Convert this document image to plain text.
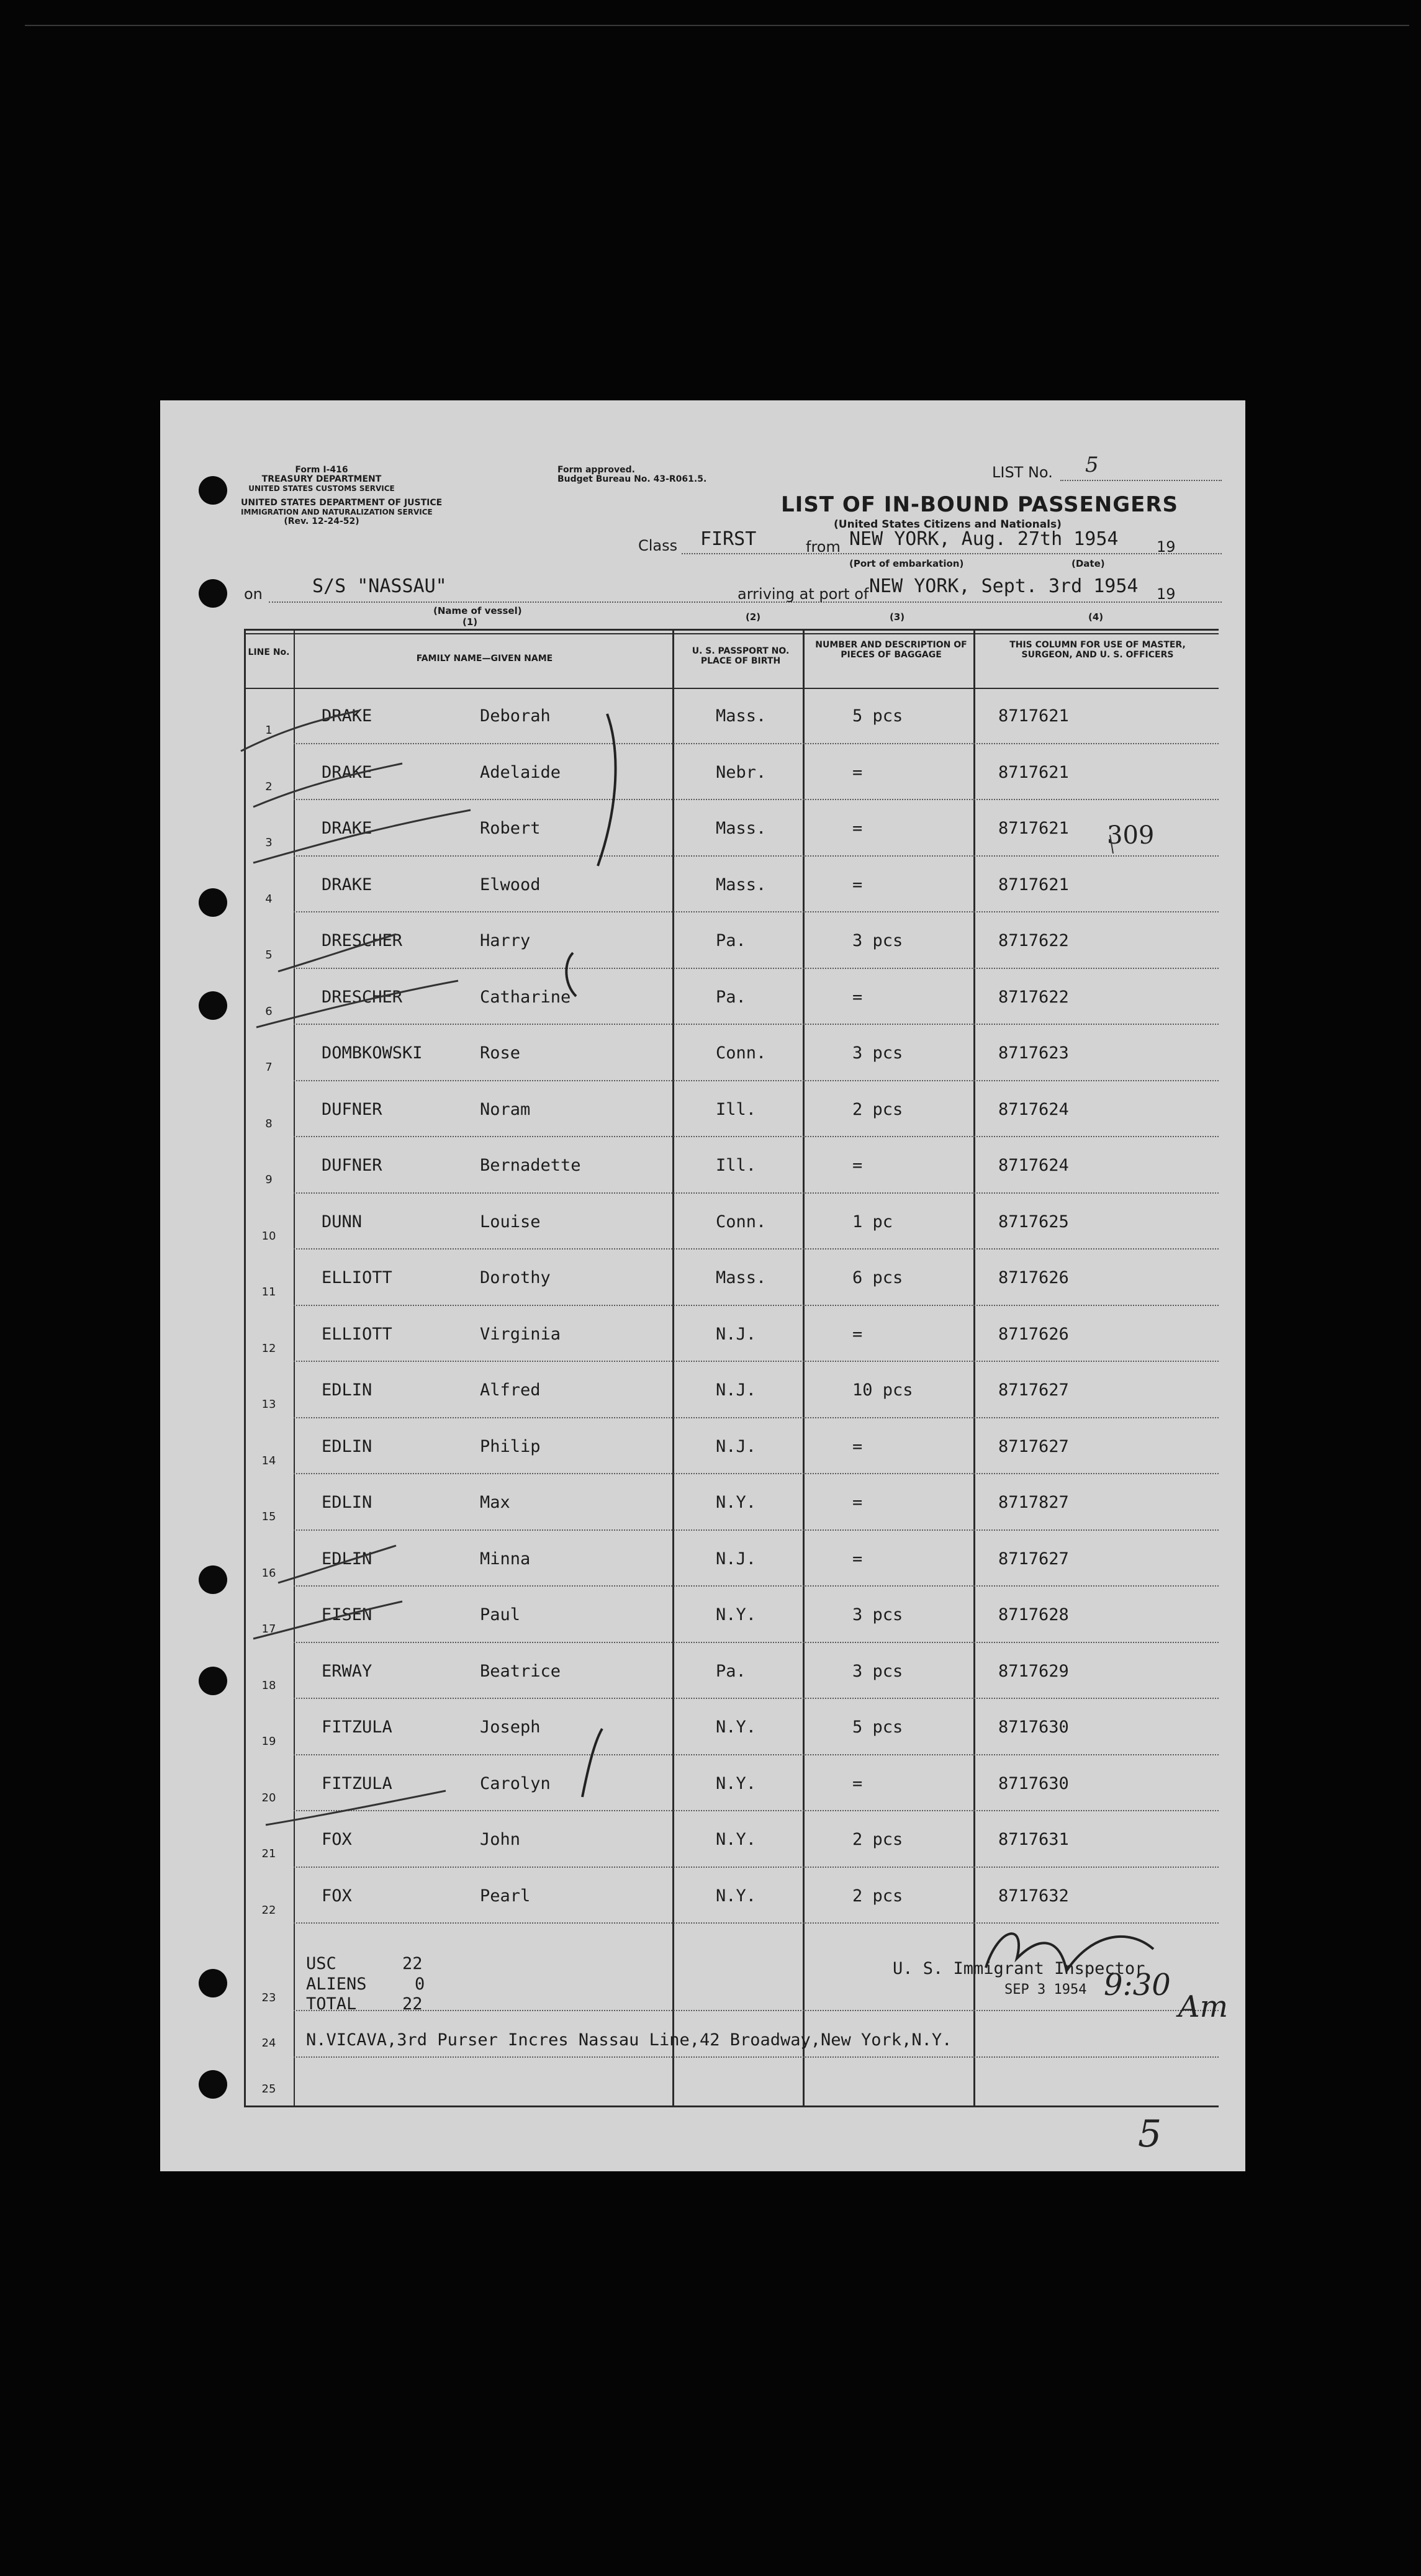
Form I-416
TREASURY DEPARTMENT
UNITED STATES CUSTOMS SERVICE
UNITED STATES DEPARTMENT OF JUSTICE
IMMIGRATION AND NATURALIZATION SERVICE
(Rev. 12-24-52)
Form approved.
Budget Bureau No. 43-R061.5.	LIST No. 5
LIST OF IN-BOUND PASSENGERS
(United States Citizens and Nationals)
Class FIRST	from NEW YORK, Aug. 27th 1954	19
(Port of embarkation)	(Date)
on	S/S "NASSAU"	arriving at port of NEW YORK, Sept. 3rd 1954 19
(Name of vessel)
(1)	(2)	(3)	(4)
LINE No.
FAMILY NAME—GIVEN NAME
U. S. PASSPORT NO. PLACE OF BIRTH
NUMBER AND DESCRIPTION OF PIECES OF BAGGAGE
THIS COLUMN FOR USE OF MASTER, SURGEON, AND U. S. OFFICERS
1
DRAKE	Deborah	Mass.	5 pcs	8717621
2
DRAKE	Adelaide	Nebr.	=	8717621
3
DRAKE	Robert	Mass.	=	8717621
4
DRAKE	Elwood	Mass.	=	8717621
5
DRESCHER	Harry	Pa.	3 pcs	8717622
6
DRESCHER	Catharine	Pa.	=	8717622
7
DOMBKOWSKI	Rose	Conn.	3 pcs	8717623
8
DUFNER	Noram	Ill.	2 pcs	8717624
9
DUFNER	Bernadette	Ill.	=	8717624
10
DUNN	Louise	Conn.	1 pc	8717625
11
ELLIOTT	Dorothy	Mass.	6 pcs	8717626
12
ELLIOTT	Virginia	N.J.	=	8717626
13
EDLIN	Alfred	N.J.	10 pcs	8717627
14
EDLIN	Philip	N.J.	=	8717627
15
EDLIN	Max	N.Y.	=	8717827
16
EDLIN	Minna	N.J.	=	8717627
17
EISEN	Paul	N.Y.	3 pcs	8717628
18
ERWAY	Beatrice	Pa.	3 pcs	8717629
19
FITZULA	Joseph	N.Y.	5 pcs	8717630
20
FITZULA	Carolyn	N.Y.	=	8717630
21
FOX	John	N.Y.	2 pcs	8717631
22
FOX	Pearl	N.Y.	2 pcs	8717632
23
24
25
USC	22
ALIENS	0
TOTAL	22
U. S. Immigrant Inspector
SEP 3 1954
N.VICAVA,3rd Purser Incres Nassau Line,42 Broadway,New York,N.Y.
309
9:30
Am
5
